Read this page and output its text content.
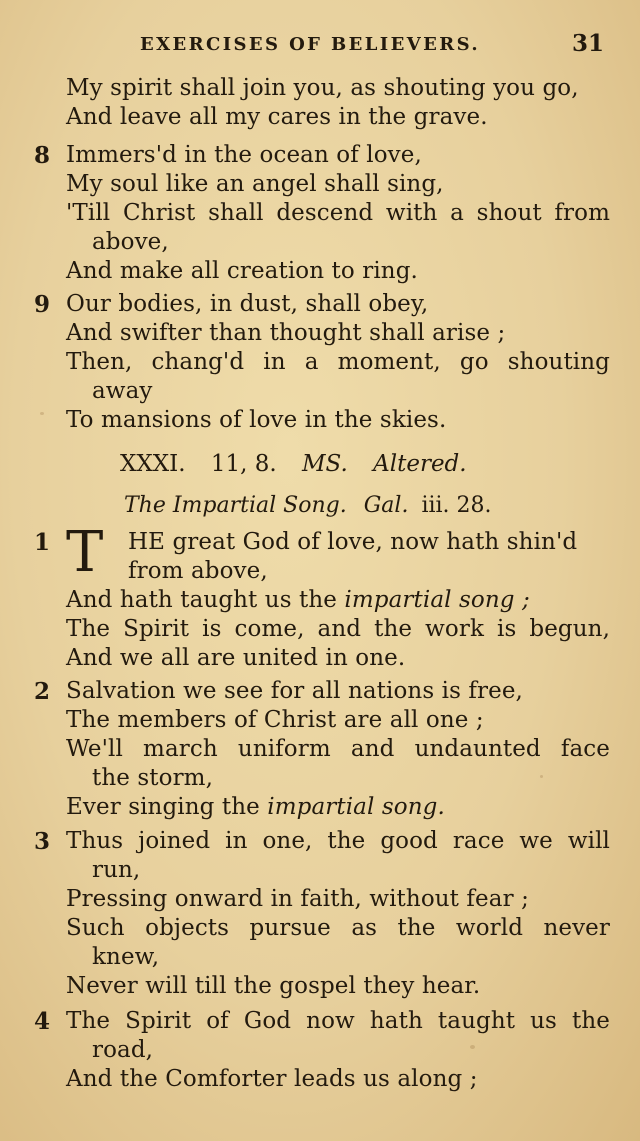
EXERCISES OF BELIEVERS.	31
My spirit shall join you, as shouting you go,
And leave all my cares in the grave.
8 Immers'd in the ocean of love,
My soul like an angel shall sing,
'Till Christ shall descend with a shout from
above,
And make all creation to ring.
9 Our bodies, in dust, shall obey,
And swifter than thought shall arise ;
Then, chang'd in a moment, go shouting
away
To mansions of love in the skies.
XXXI. 11, 8. MS. Altered.
The Impartial Song. Gal. iii. 28.
1 T HE great God of love, now hath shin'd
from above,
And hath taught us the impartial song ;
The Spirit is come, and the work is begun,
And we all are united in one.
2 Salvation we see for all nations is free,
The members of Christ are all one ;
We'll march uniform and undaunted face
the storm,
Ever singing the impartial song.
3 Thus joined in one, the good race we will
run,
Pressing onward in faith, without fear ;
Such objects pursue as the world never
knew,
Never will till the gospel they hear.
4 The Spirit of God now hath taught us the
road,
And the Comforter leads us along ;
